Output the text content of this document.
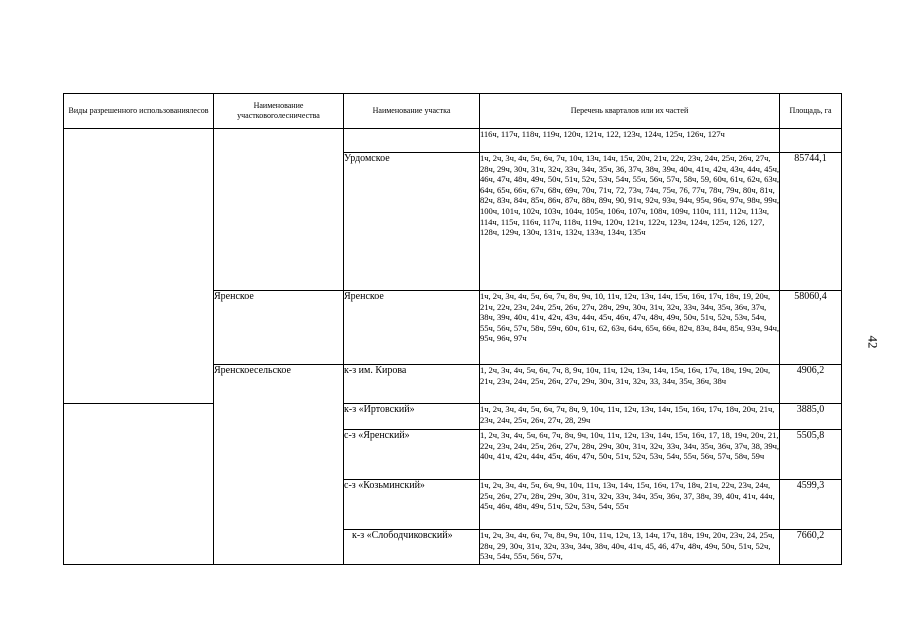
Виды разрешенного использованиялесов	Наименование участковоголесничества	Наименование участка	Перечень кварталов или их частей	Площадь, га
			116ч, 117ч, 118ч, 119ч, 120ч, 121ч, 122, 123ч, 124ч, 125ч, 126ч, 127ч	
		Урдомское	1ч, 2ч, 3ч, 4ч, 5ч, 6ч, 7ч, 10ч, 13ч, 14ч, 15ч, 20ч, 21ч, 22ч, 23ч, 24ч, 25ч, 26ч, 27ч, 28ч, 29ч, 30ч, 31ч, 32ч, 33ч, 34ч, 35ч, 36, 37ч, 38ч, 39ч, 40ч, 41ч, 42ч, 43ч, 44ч, 45ч, 46ч, 47ч, 48ч, 49ч, 50ч, 51ч, 52ч, 53ч, 54ч, 55ч, 56ч, 57ч, 58ч, 59, 60ч, 61ч, 62ч, 63ч, 64ч, 65ч, 66ч, 67ч, 68ч, 69ч, 70ч, 71ч, 72, 73ч, 74ч, 75ч, 76, 77ч, 78ч, 79ч, 80ч, 81ч, 82ч, 83ч, 84ч, 85ч, 86ч, 87ч, 88ч, 89ч, 90, 91ч, 92ч, 93ч, 94ч, 95ч, 96ч, 97ч, 98ч, 99ч, 100ч, 101ч, 102ч, 103ч, 104ч, 105ч, 106ч, 107ч, 108ч, 109ч, 110ч, 111, 112ч, 113ч, 114ч, 115ч, 116ч, 117ч, 118ч, 119ч, 120ч, 121ч, 122ч, 123ч, 124ч, 125ч, 126, 127, 128ч, 129ч, 130ч, 131ч, 132ч, 133ч, 134ч, 135ч	85744,1
	Яренское	Яренское	1ч, 2ч, 3ч, 4ч, 5ч, 6ч, 7ч, 8ч, 9ч, 10, 11ч, 12ч, 13ч, 14ч, 15ч, 16ч, 17ч, 18ч, 19, 20ч, 21ч, 22ч, 23ч, 24ч, 25ч, 26ч, 27ч, 28ч, 29ч, 30ч, 31ч, 32ч, 33ч, 34ч, 35ч, 36ч, 37ч, 38ч, 39ч, 40ч, 41ч, 42ч, 43ч, 44ч, 45ч, 46ч, 47ч, 48ч, 49ч, 50ч, 51ч, 52ч, 53ч, 54ч, 55ч, 56ч, 57ч, 58ч, 59ч, 60ч, 61ч, 62, 63ч, 64ч, 65ч, 66ч, 82ч, 83ч, 84ч, 85ч, 93ч, 94ч, 95ч, 96ч, 97ч	58060,4
	Яренскоесельское	к-з им. Кирова	1, 2ч, 3ч, 4ч, 5ч, 6ч, 7ч, 8, 9ч, 10ч, 11ч, 12ч, 13ч, 14ч, 15ч, 16ч, 17ч, 18ч, 19ч, 20ч, 21ч, 23ч, 24ч, 25ч, 26ч, 27ч, 29ч, 30ч, 31ч, 32ч, 33, 34ч, 35ч, 36ч, 38ч	4906,2
		к-з «Иртовский»	1ч, 2ч, 3ч, 4ч, 5ч, 6ч, 7ч, 8ч, 9, 10ч, 11ч, 12ч, 13ч, 14ч, 15ч, 16ч, 17ч, 18ч, 20ч, 21ч, 23ч, 24ч, 25ч, 26ч, 27ч, 28, 29ч	3885,0
		с-з «Яренский»	1, 2ч, 3ч, 4ч, 5ч, 6ч, 7ч, 8ч, 9ч, 10ч, 11ч, 12ч, 13ч, 14ч, 15ч, 16ч, 17, 18, 19ч, 20ч, 21, 22ч, 23ч, 24ч, 25ч, 26ч, 27ч, 28ч, 29ч, 30ч, 31ч, 32ч, 33ч, 34ч, 35ч, 36ч, 37ч, 38, 39ч, 40ч, 41ч, 42ч, 44ч, 45ч, 46ч, 47ч, 50ч, 51ч, 52ч, 53ч, 54ч, 55ч, 56ч, 57ч, 58ч, 59ч	5505,8
		с-з «Козьминский»	1ч, 2ч, 3ч, 4ч, 5ч, 6ч, 9ч, 10ч, 11ч, 13ч, 14ч, 15ч, 16ч, 17ч, 18ч, 21ч, 22ч, 23ч, 24ч, 25ч, 26ч, 27ч, 28ч, 29ч, 30ч, 31ч, 32ч, 33ч, 34ч, 35ч, 36ч, 37, 38ч, 39, 40ч, 41ч, 44ч, 45ч, 46ч, 48ч, 49ч, 51ч, 52ч, 53ч, 54ч, 55ч	4599,3
		к-з «Слободчиковский»	1ч, 2ч, 3ч, 4ч, 6ч, 7ч, 8ч, 9ч, 10ч, 11ч, 12ч, 13, 14ч, 17ч, 18ч, 19ч, 20ч, 23ч, 24, 25ч, 28ч, 29, 30ч, 31ч, 32ч, 33ч, 34ч, 38ч, 40ч, 41ч, 45, 46, 47ч, 48ч, 49ч, 50ч, 51ч, 52ч, 53ч, 54ч, 55ч, 56ч, 57ч,	7660,2
42
